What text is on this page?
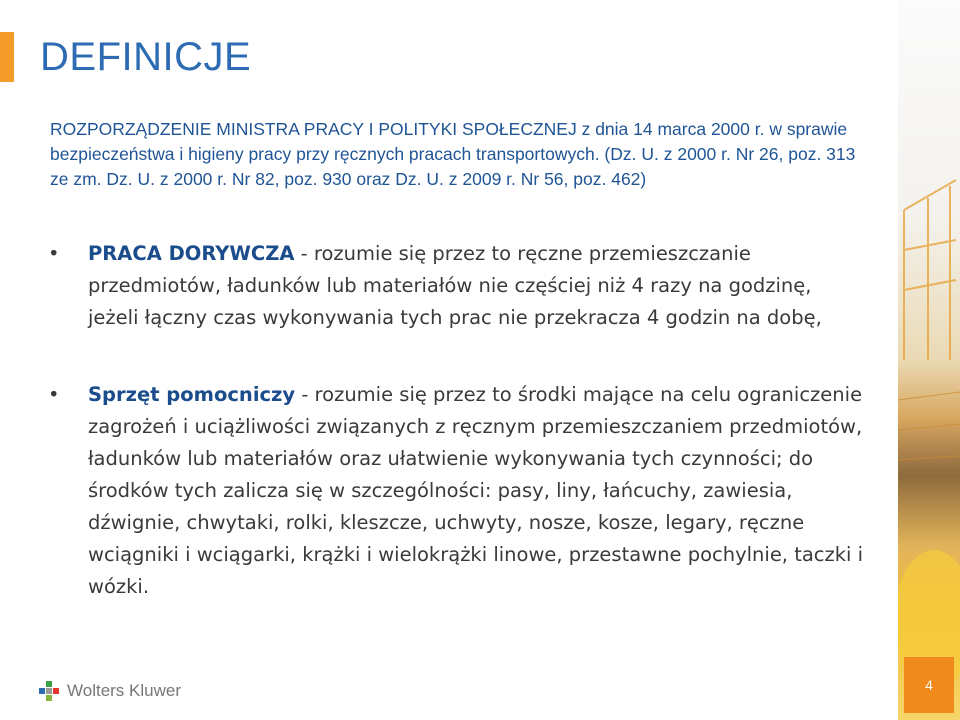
DEFINICJE

ROZPORZĄDZENIE MINISTRA PRACY I POLITYKI SPOŁECZNEJ z dnia 14 marca 2000 r. w sprawie bezpieczeństwa i higieny pracy przy ręcznych pracach transportowych. (Dz. U. z 2000 r. Nr 26, poz. 313 ze zm. Dz. U. z 2000 r. Nr 82, poz. 930 oraz Dz. U. z 2009 r. Nr 56, poz. 462)

• PRACA DORYWCZA - rozumie się przez to ręczne przemieszczanie przedmiotów, ładunków lub materiałów nie częściej niż 4 razy na godzinę, jeżeli łączny czas wykonywania tych prac nie przekracza 4 godzin na dobę,
• Sprzęt pomocniczy - rozumie się przez to środki mające na celu ograniczenie zagrożeń i uciążliwości związanych z ręcznym przemieszczaniem przedmiotów, ładunków lub materiałów oraz ułatwienie wykonywania tych czynności; do środków tych zalicza się w szczególności: pasy, liny, łańcuchy, zawiesia, dźwignie, chwytaki, rolki, kleszcze, uchwyty, nosze, kosze, legary, ręczne wciągniki i wciągarki, krążki i wielokrążki linowe, przestawne pochylnie, taczki i wózki.
Wolters Kluwer	4
